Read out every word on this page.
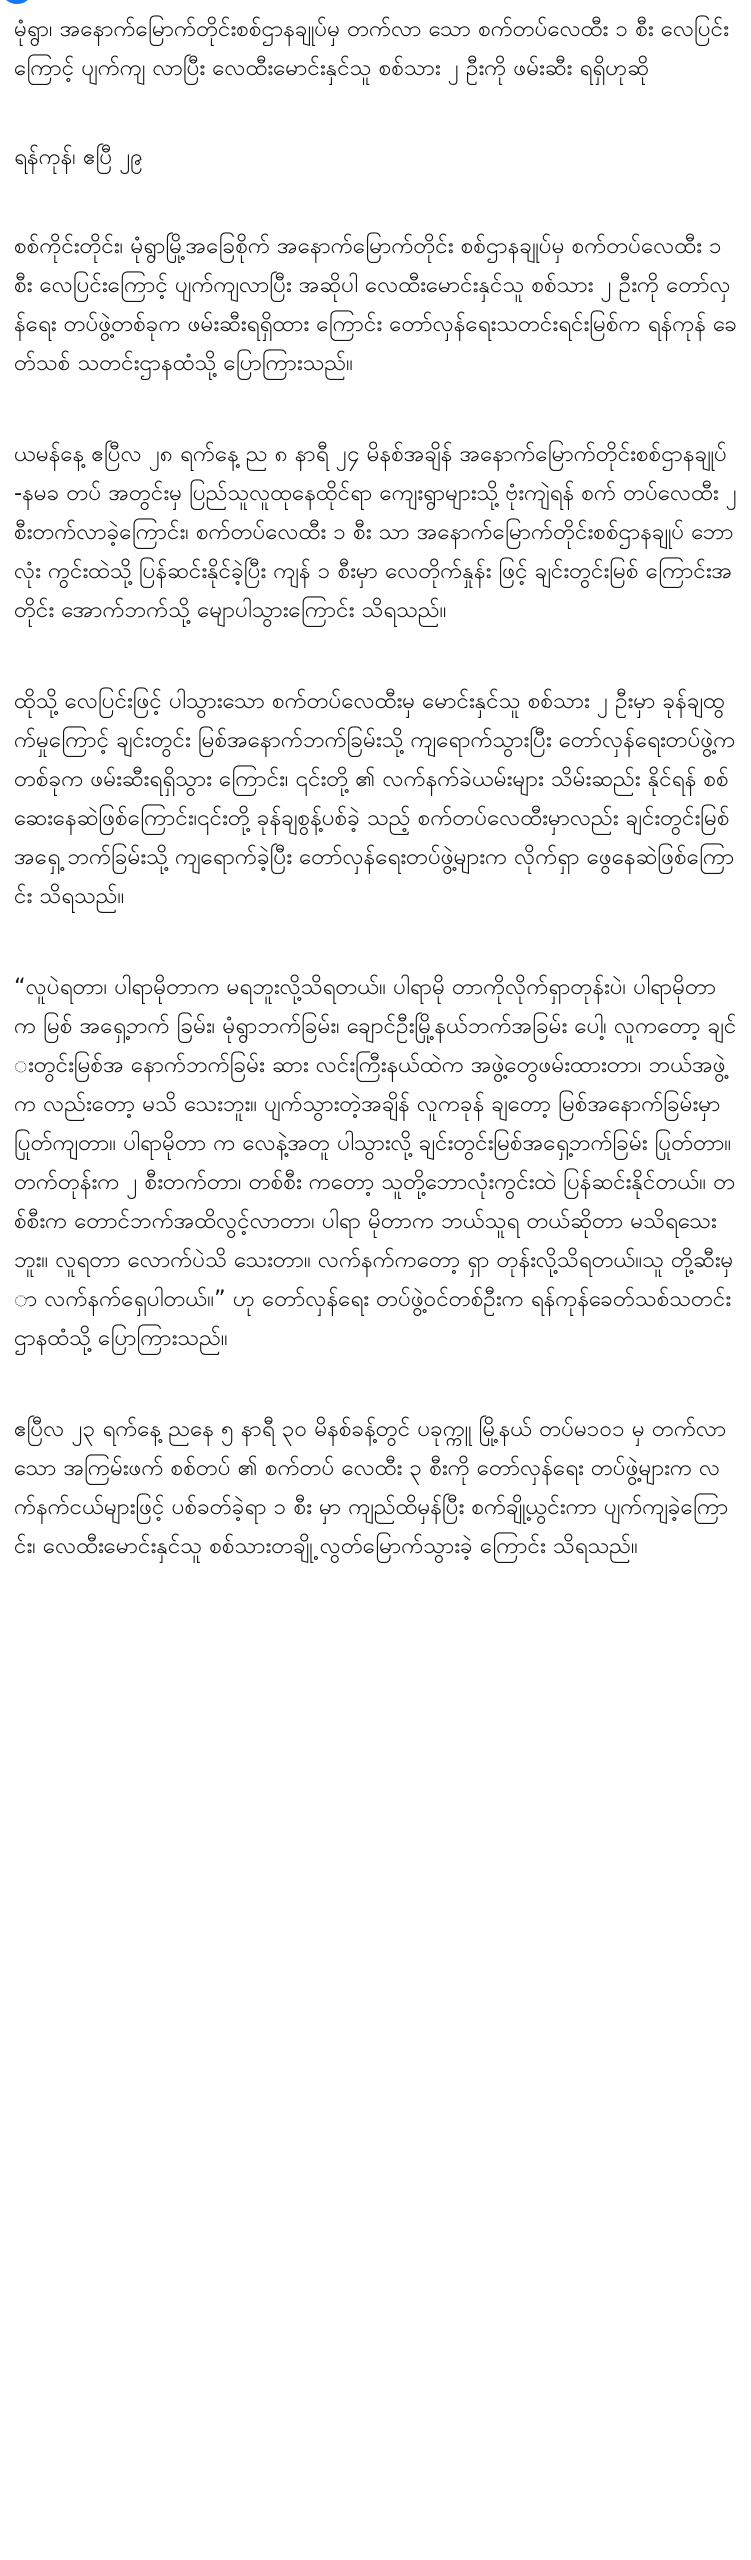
မုံရွာ၊ အနောက်မြောက်တိုင်းစစ်ဌာနချုပ်မှ တက်လာ သော စက်တပ်လေထီး ၁ စီး လေပြင်းကြောင့် ပျက်ကျ လာပြီး လေထီးမောင်းနှင်သူ စစ်သား ၂ ဦးကို ဖမ်းဆီး ရရှိဟုဆို

ရန်ကုန်၊ ဧပြီ ၂၉

စစ်ကိုင်းတိုင်း၊ မုံရွာမြို့အခြေစိုက် အနောက်မြောက်တိုင်း စစ်ဌာနချုပ်မှ စက်တပ်လေထီး ၁ စီး လေပြင်းကြောင့် ပျက်ကျလာပြီး အဆိုပါ လေထီးမောင်းနှင်သူ စစ်သား ၂ ဦးကို တော်လှန်ရေး တပ်ဖွဲ့တစ်ခုက ဖမ်းဆီးရရှိထား ကြောင်း တော်လှန်ရေးသတင်းရင်းမြစ်က ရန်ကုန် ခေတ်သစ် သတင်းဌာနထံသို့ ပြောကြားသည်။

ယမန်နေ့ ဧပြီလ ၂၈ ရက်နေ့ ည ၈ နာရီ ၂၄ မိနစ်အချိန် အနောက်မြောက်တိုင်းစစ်ဌာနချုပ် -နမခ တပ် အတွင်းမှ ပြည်သူလူထုနေထိုင်ရာ ကျေးရွာများသို့ ဗုံးကျဲရန် စက် တပ်လေထီး ၂ စီးတက်လာခဲ့ကြောင်း၊ စက်တပ်လေထီး ၁ စီး သာ အနောက်မြောက်တိုင်းစစ်ဌာနချုပ် ဘောလုံး ကွင်းထဲသို့ ပြန်ဆင်းနိုင်ခဲ့ပြီး ကျန် ၁ စီးမှာ လေတိုက်နှုန်း ဖြင့် ချင်းတွင်းမြစ် ကြောင်းအတိုင်း အောက်ဘက်သို့ မျောပါသွားကြောင်း သိရသည်။

ထိုသို့ လေပြင်းဖြင့် ပါသွားသော စက်တပ်လေထီးမှ မောင်းနှင်သူ စစ်သား ၂ ဦးမှာ ခုန်ချထွက်မှုကြောင့် ချင်းတွင်း မြစ်အနောက်ဘက်ခြမ်းသို့ ကျရောက်သွားပြီး တော်လှန်ရေးတပ်ဖွဲ့က တစ်ခုက ဖမ်းဆီးရရှိသွား ကြောင်း၊ ၎င်းတို့ ၏ လက်နက်ခဲယမ်းများ သိမ်းဆည်း နိုင်ရန် စစ်ဆေးနေဆဲဖြစ်ကြောင်း၊၎င်းတို့ ခုန်ချစွန့်ပစ်ခဲ့ သည့် စက်တပ်လေထီးမှာလည်း ချင်းတွင်းမြစ်အရှေ့ ဘက်ခြမ်းသို့ ကျရောက်ခဲ့ပြီး တော်လှန်ရေးတပ်ဖွဲ့များက လိုက်ရှာ ဖွေနေဆဲဖြစ်ကြောင်း သိရသည်။

“လူပဲရတာ၊ ပါရာမိုတာက မရဘူးလို့သိရတယ်။ ပါရာမို တာကိုလိုက်ရှာတုန်းပဲ၊ ပါရာမိုတာက မြစ် အရှေ့ဘက် ခြမ်း၊ မုံရွာဘက်ခြမ်း၊ ချောင်ဦးမြို့နယ်ဘက်အခြမ်း ပေါ့၊ လူကတော့ ချင်းတွင်းမြစ်အ နောက်ဘက်ခြမ်း ဆား လင်းကြီးနယ်ထဲက အဖွဲ့တွေဖမ်းထားတာ၊ ဘယ်အဖွဲ့က လည်းတော့ မသိ သေးဘူး။ ပျက်သွားတဲ့အချိန် လူကခုန် ချတော့ မြစ်အနောက်ခြမ်းမှာ ပြုတ်ကျတာ။ ပါရာမိုတာ က လေနဲ့အတူ ပါသွားလို့ ချင်းတွင်းမြစ်အရှေ့ဘက်ခြမ်း ပြုတ်တာ။တက်တုန်းက ၂ စီးတက်တာ၊ တစ်စီး ကတော့ သူတို့ဘောလုံးကွင်းထဲ ပြန်ဆင်းနိုင်တယ်။ တစ်စီးက တောင်ဘက်အထိလွင့်လာတာ၊ ပါရာ မိုတာက ဘယ်သူရ တယ်ဆိုတာ မသိရသေးဘူး။ လူရတာ လောက်ပဲသိ သေးတာ။ လက်နက်ကတော့ ရှာ တုန်းလို့သိရတယ်။သူ တို့ဆီးမှာ လက်နက်ရှေပါတယ်။” ဟု တော်လှန်ရေး တပ်ဖွဲ့ဝင်တစ်ဦးက ရန်ကုန်ခေတ်သစ်သတင်းဌာနထံသို့ ပြောကြားသည်။

ဧပြီလ ၂၃ ရက်နေ့ ညနေ ၅ နာရီ ၃၀ မိနစ်ခန့်တွင် ပခုက္ကူ မြို့နယ် တပ်မ၁၀၁ မှ တက်လာသော အကြမ်းဖက် စစ်တပ် ၏ စက်တပ် လေထီး ၃ စီးကို တော်လှန်ရေး တပ်ဖွဲ့များက လက်နက်ငယ်များဖြင့် ပစ်ခတ်ခဲ့ရာ ၁ စီး မှာ ကျည်ထိမှန်ပြီး စက်ချို့ယွင်းကာ ပျက်ကျခဲ့ကြောင်း၊ လေထီးမောင်းနှင်သူ စစ်သားတချို့ လွတ်မြောက်သွားခဲ့ ကြောင်း သိရသည်။
